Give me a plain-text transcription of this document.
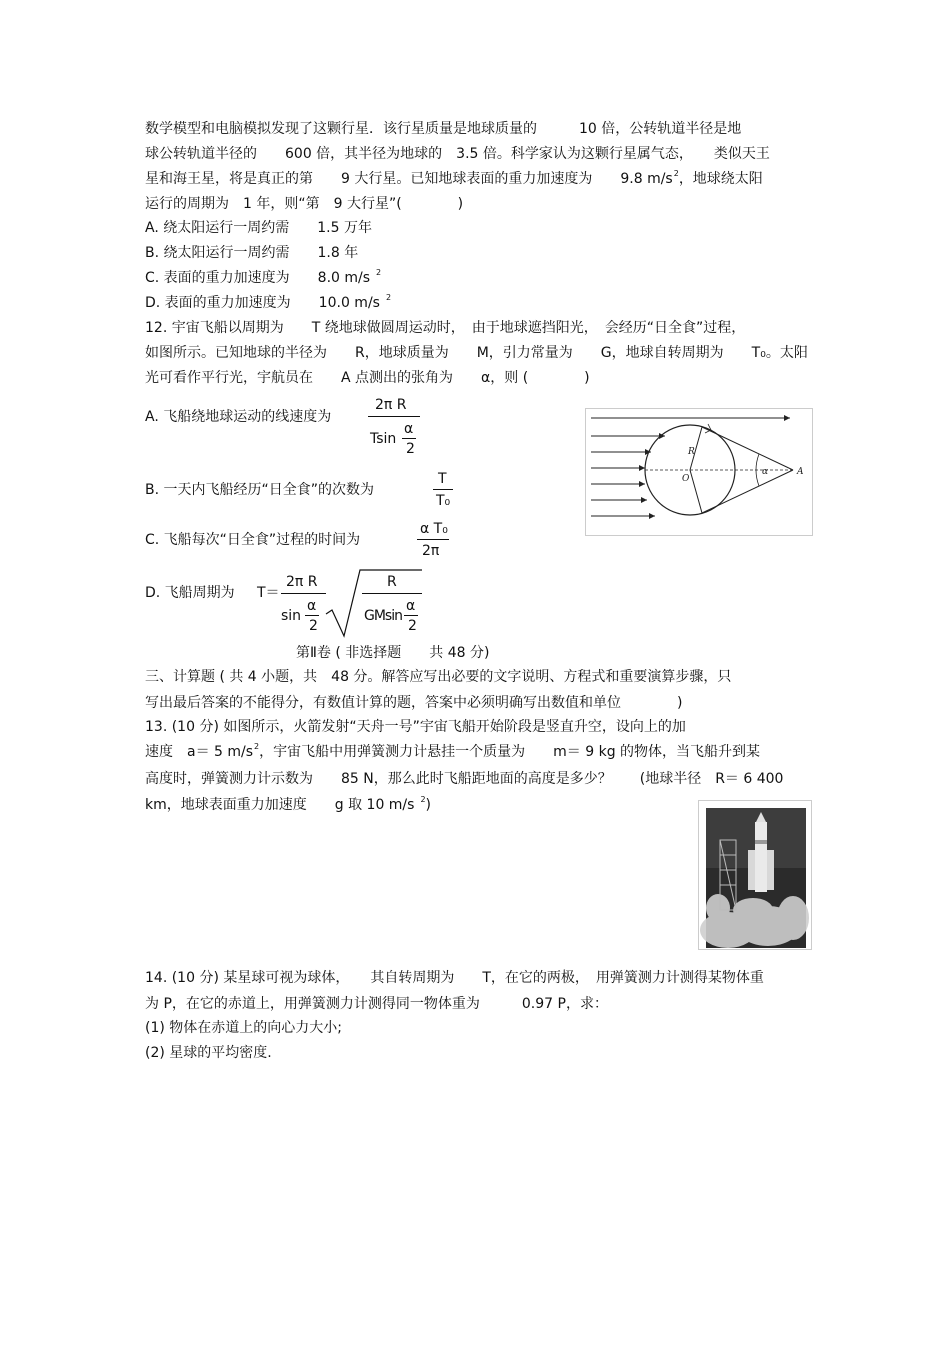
数学模型和电脑模拟发现了这颗行星．该行星质量是地球质量的　　　10 倍，公转轨道半径是地
球公转轨道半径的　　600 倍，其半径为地球的　3.5 倍。科学家认为这颗行星属气态，　　类似天王
星和海王星，将是真正的第　　9 大行星。已知地球表面的重力加速度为　　9.8 $m/s^2$，地球绕太阳
运行的周期为　1 年，则“第　9 大行星”(　　　　)
A. 绕太阳运行一周约需　　1.5 万年
B. 绕太阳运行一周约需　　1.8 年
C. 表面的重力加速度为　　8.0 m/s $^2$
D. 表面的重力加速度为　　10.0 m/s $^2$
12. 宇宙飞船以周期为　　T 绕地球做圆周运动时，　由于地球遮挡阳光，　会经历“日全食”过程，
如图所示。已知地球的半径为　　R，地球质量为　　M，引力常量为　　G，地球自转周期为　　T₀。太阳
光可看作平行光，宇航员在　　A 点测出的张角为　　α，则 (　　　　)
A. 飞船绕地球运动的线速度为
2π R
Tsin
α
2
B. 一天内飞船经历“日全食”的次数为
T
T₀
C. 飞船每次“日全食”过程的时间为
α T₀
2π
D. 飞船周期为 T＝
2π R
sin
α
2
R
GMsin
α
2
R
O
α	A
第Ⅱ卷 ( 非选择题　　共 48 分)
三、计算题 ( 共 4 小题，共　48 分。解答应写出必要的文字说明、方程式和重要演算步骤，只
写出最后答案的不能得分，有数值计算的题，答案中必须明确写出数值和单位　　　　)
13. (10 分) 如图所示，火箭发射“天舟一号”宇宙飞船开始阶段是竖直升空，设向上的加
速度　a＝ 5 $m/s^2$，宇宙飞船中用弹簧测力计悬挂一个质量为　　m＝ 9 kg 的物体，当飞船升到某
高度时，弹簧测力计示数为　　85 N，那么此时飞船距地面的高度是多少？　　(地球半径　R＝ 6 400
km，地球表面重力加速度　　g 取 10 m/s $^2$)
14. (10 分) 某星球可视为球体，　　其自转周期为　　T，在它的两极，　用弹簧测力计测得某物体重
为 P，在它的赤道上，用弹簧测力计测得同一物体重为　　　0.97 P，求：
(1) 物体在赤道上的向心力大小;
(2) 星球的平均密度.
